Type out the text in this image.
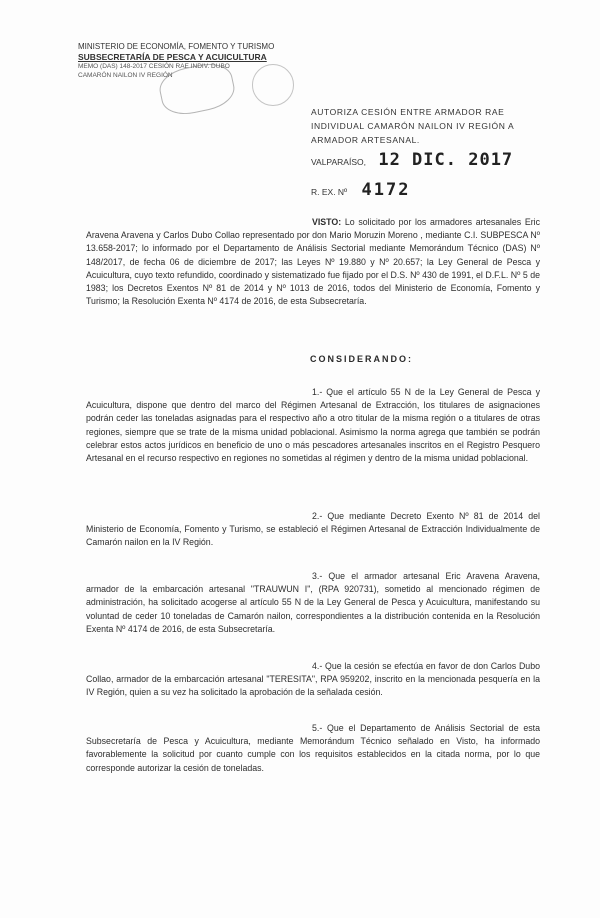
MINISTERIO DE ECONOMÍA, FOMENTO Y TURISMO
SUBSECRETARÍA DE PESCA Y ACUICULTURA
MEMO (DAS) 148-2017 CESIÓN RAE INDIV. DUBO
CAMARÓN NAILON IV REGIÓN
AUTORIZA CESIÓN ENTRE ARMADOR RAE INDIVIDUAL CAMARÓN NAILON IV REGIÓN A ARMADOR ARTESANAL.
VALPARAÍSO, 12 DIC. 2017
R. EX. Nº 4172
VISTO: Lo solicitado por los armadores artesanales Eric Aravena Aravena y Carlos Dubo Collao representado por don Mario Moruzin Moreno , mediante C.I. SUBPESCA Nº 13.658-2017; lo informado por el Departamento de Análisis Sectorial mediante Memorándum Técnico (DAS) Nº 148/2017, de fecha 06 de diciembre de 2017; las Leyes Nº 19.880 y Nº 20.657; la Ley General de Pesca y Acuicultura, cuyo texto refundido, coordinado y sistematizado fue fijado por el D.S. Nº 430 de 1991, el D.F.L. Nº 5 de 1983; los Decretos Exentos Nº 81 de 2014 y Nº 1013 de 2016, todos del Ministerio de Economía, Fomento y Turismo; la Resolución Exenta Nº 4174 de 2016, de esta Subsecretaría.
CONSIDERANDO:
1.- Que el artículo 55 N de la Ley General de Pesca y Acuicultura, dispone que dentro del marco del Régimen Artesanal de Extracción, los titulares de asignaciones podrán ceder las toneladas asignadas para el respectivo año a otro titular de la misma región o a titulares de otras regiones, siempre que se trate de la misma unidad poblacional. Asimismo la norma agrega que también se podrán celebrar estos actos jurídicos en beneficio de uno o más pescadores artesanales inscritos en el Registro Pesquero Artesanal en el recurso respectivo en regiones no sometidas al régimen y dentro de la misma unidad poblacional.
2.- Que mediante Decreto Exento Nº 81 de 2014 del Ministerio de Economía, Fomento y Turismo, se estableció el Régimen Artesanal de Extracción Individualmente de Camarón nailon en la IV Región.
3.- Que el armador artesanal Eric Aravena Aravena, armador de la embarcación artesanal "TRAUWUN I", (RPA 920731), sometido al mencionado régimen de administración, ha solicitado acogerse al artículo 55 N de la Ley General de Pesca y Acuicultura, manifestando su voluntad de ceder 10 toneladas de Camarón nailon, correspondientes a la distribución contenida en la Resolución Exenta Nº 4174 de 2016, de esta Subsecretaría.
4.- Que la cesión se efectúa en favor de don Carlos Dubo Collao, armador de la embarcación artesanal "TERESITA", RPA 959202, inscrito en la mencionada pesquería en la IV Región, quien a su vez ha solicitado la aprobación de la señalada cesión.
5.- Que el Departamento de Análisis Sectorial de esta Subsecretaría de Pesca y Acuicultura, mediante Memorándum Técnico señalado en Visto, ha informado favorablemente la solicitud por cuanto cumple con los requisitos establecidos en la citada norma, por lo que corresponde autorizar la cesión de toneladas.
